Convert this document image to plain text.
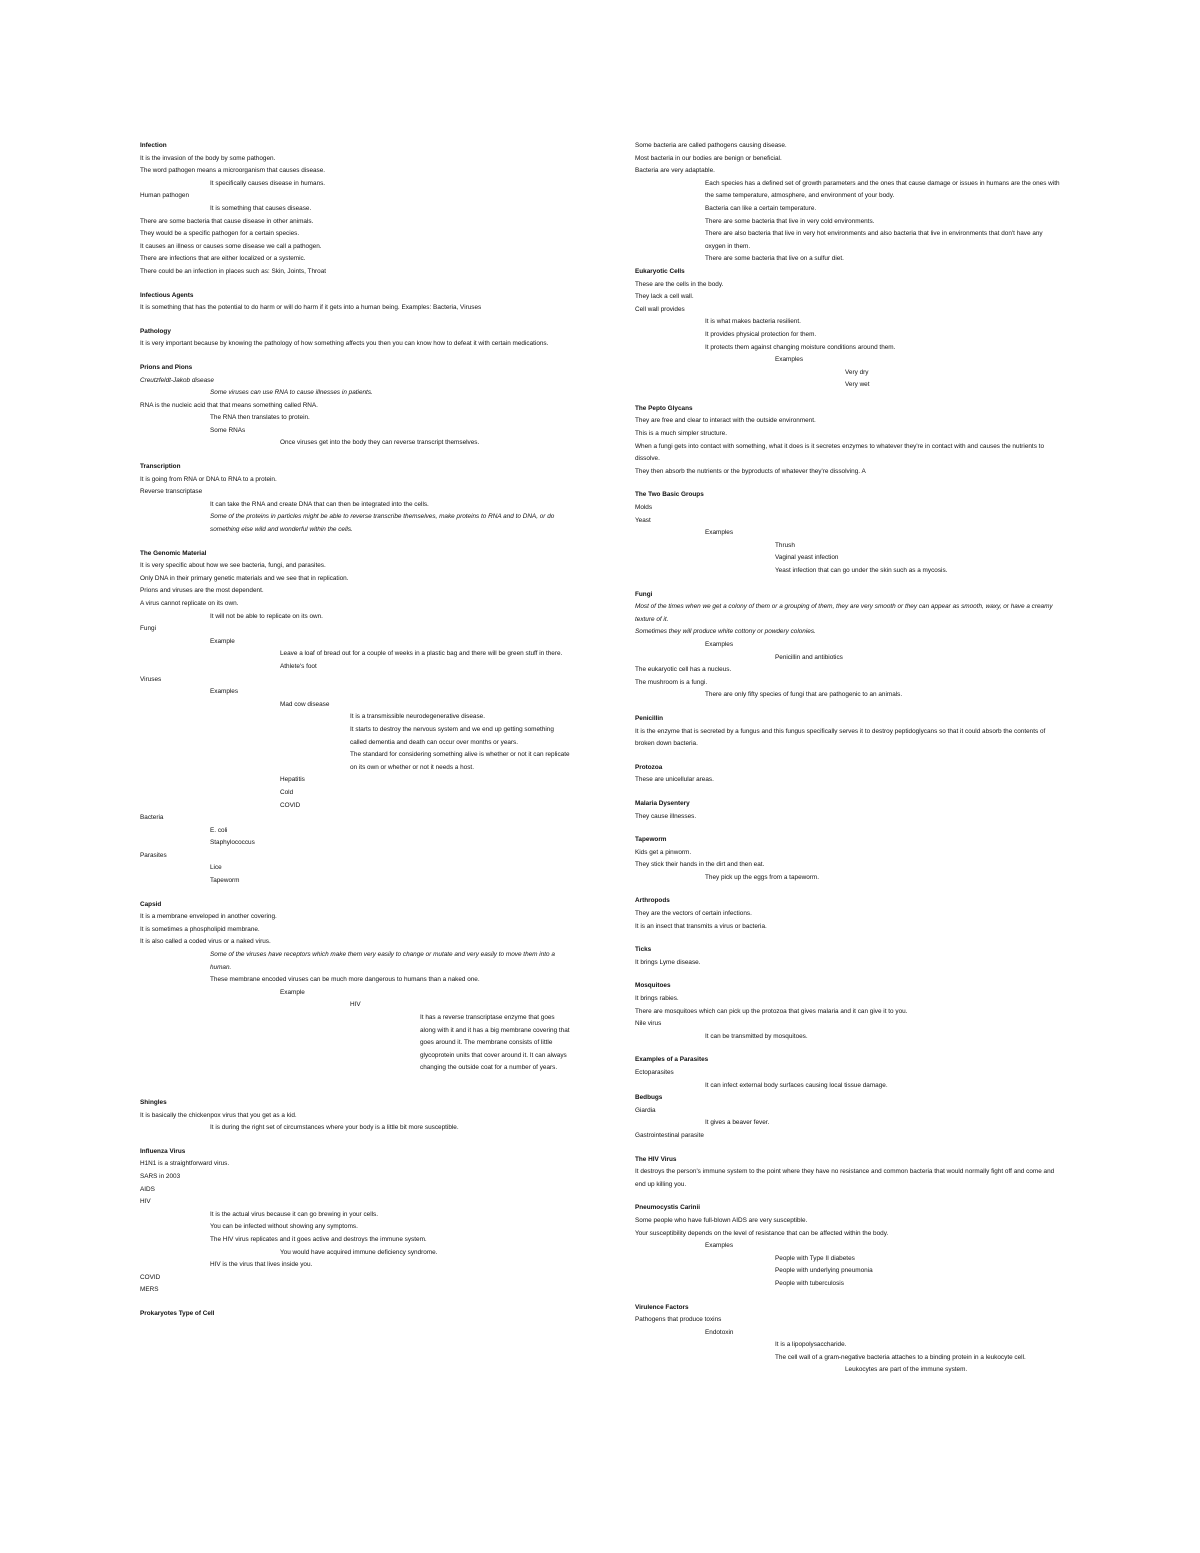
Infection
It is the invasion of the body by some pathogen.
The word pathogen means a microorganism that causes disease.
It specifically causes disease in humans.
Human pathogen
It is something that causes disease.
There are some bacteria that cause disease in other animals.
They would be a specific pathogen for a certain species.
It causes an illness or causes some disease we call a pathogen.
There are infections that are either localized or a systemic.
There could be an infection in places such as: Skin, Joints, Throat
Infectious Agents
It is something that has the potential to do harm or will do harm if it gets into a human being. Examples: Bacteria, Viruses
Pathology
It is very important because by knowing the pathology of how something affects you then you can know how to defeat it with certain medications.
Prions and Pions
Creutzfeldt-Jakob disease
Some viruses can use RNA to cause illnesses in patients.
RNA is the nucleic acid that that means something called RNA.
The RNA then translates to protein.
Some RNAs
Once viruses get into the body they can reverse transcript themselves.
Transcription
It is going from RNA or DNA to RNA to a protein.
Reverse transcriptase
It can take the RNA and create DNA that can then be integrated into the cells.
Some of the proteins in particles might be able to reverse transcribe themselves, make proteins to RNA and to DNA, or do something else wild and wonderful within the cells.
The Genomic Material
It is very specific about how we see bacteria, fungi, and parasites.
Only DNA in their primary genetic materials and we see that in replication.
Prions and viruses are the most dependent.
A virus cannot replicate on its own.
It will not be able to replicate on its own.
Fungi
Example
Leave a loaf of bread out for a couple of weeks in a plastic bag and there will be green stuff in there.
Athlete's foot
Viruses
Examples
Mad cow disease
It is a transmissible neurodegenerative disease.
It starts to destroy the nervous system and we end up getting something called dementia and death can occur over months or years.
The standard for considering something alive is whether or not it can replicate on its own or whether or not it needs a host.
Hepatitis
Cold
COVID
Bacteria
E. coli
Staphylococcus
Parasites
Lice
Tapeworm
Capsid
It is a membrane enveloped in another covering.
It is sometimes a phospholipid membrane.
It is also called a coded virus or a naked virus.
Some of the viruses have receptors which make them very easily to change or mutate and very easily to move them into a human.
These membrane encoded viruses can be much more dangerous to humans than a naked one.
Example
HIV
It has a reverse transcriptase enzyme that goes along with it and it has a big membrane covering that goes around it. The membrane consists of little glycoprotein units that cover around it. It can always changing the outside coat for a number of years.
Shingles
It is basically the chickenpox virus that you get as a kid.
It is during the right set of circumstances where your body is a little bit more susceptible.
Influenza Virus
H1N1 is a straightforward virus.
SARS in 2003
AIDS
HIV
It is the actual virus because it can go brewing in your cells.
You can be infected without showing any symptoms.
The HIV virus replicates and it goes active and destroys the immune system.
You would have acquired immune deficiency syndrome.
HIV is the virus that lives inside you.
COVID
MERS
Prokaryotes Type of Cell
Some bacteria are called pathogens causing disease.
Most bacteria in our bodies are benign or beneficial.
Bacteria are very adaptable.
Each species has a defined set of growth parameters and the ones that cause damage or issues in humans are the ones with the same temperature, atmosphere, and environment of your body.
Bacteria can like a certain temperature.
There are some bacteria that live in very cold environments.
There are also bacteria that live in very hot environments and also bacteria that live in environments that don't have any oxygen in them.
There are some bacteria that live on a sulfur diet.
Eukaryotic Cells
These are the cells in the body.
They lack a cell wall.
Cell wall provides
It is what makes bacteria resilient.
It provides physical protection for them.
It protects them against changing moisture conditions around them.
Examples
Very dry
Very wet
The Pepto Glycans
They are free and clear to interact with the outside environment.
This is a much simpler structure.
When a fungi gets into contact with something, what it does is it secretes enzymes to whatever they're in contact with and causes the nutrients to dissolve.
They then absorb the nutrients or the byproducts of whatever they're dissolving. A
The Two Basic Groups
Molds
Yeast
Examples
Thrush
Vaginal yeast infection
Yeast infection that can go under the skin such as a mycosis.
Fungi
Most of the times when we get a colony of them or a grouping of them, they are very smooth or they can appear as smooth, waxy, or have a creamy texture of it.
Sometimes they will produce white cottony or powdery colonies.
Examples
Penicillin and antibiotics
The eukaryotic cell has a nucleus.
The mushroom is a fungi.
There are only fifty species of fungi that are pathogenic to an animals.
Penicillin
It is the enzyme that is secreted by a fungus and this fungus specifically serves it to destroy peptidoglycans so that it could absorb the contents of broken down bacteria.
Protozoa
These are unicellular areas.
Malaria Dysentery
They cause illnesses.
Tapeworm
Kids get a pinworm.
They stick their hands in the dirt and then eat.
They pick up the eggs from a tapeworm.
Arthropods
They are the vectors of certain infections.
It is an insect that transmits a virus or bacteria.
Ticks
It brings Lyme disease.
Mosquitoes
It brings rabies.
There are mosquitoes which can pick up the protozoa that gives malaria and it can give it to you.
Nile virus
It can be transmitted by mosquitoes.
Examples of a Parasites
Ectoparasites
It can infect external body surfaces causing local tissue damage.
Bedbugs
Giardia
It gives a beaver fever.
Gastrointestinal parasite
The HIV Virus
It destroys the person's immune system to the point where they have no resistance and common bacteria that would normally fight off and come and end up killing you.
Pneumocystis Carinii
Some people who have full-blown AIDS are very susceptible.
Your susceptibility depends on the level of resistance that can be affected within the body.
Examples
People with Type II diabetes
People with underlying pneumonia
People with tuberculosis
Virulence Factors
Pathogens that produce toxins
Endotoxin
It is a lipopolysaccharide.
The cell wall of a gram-negative bacteria attaches to a binding protein in a leukocyte cell.
Leukocytes are part of the immune system.
